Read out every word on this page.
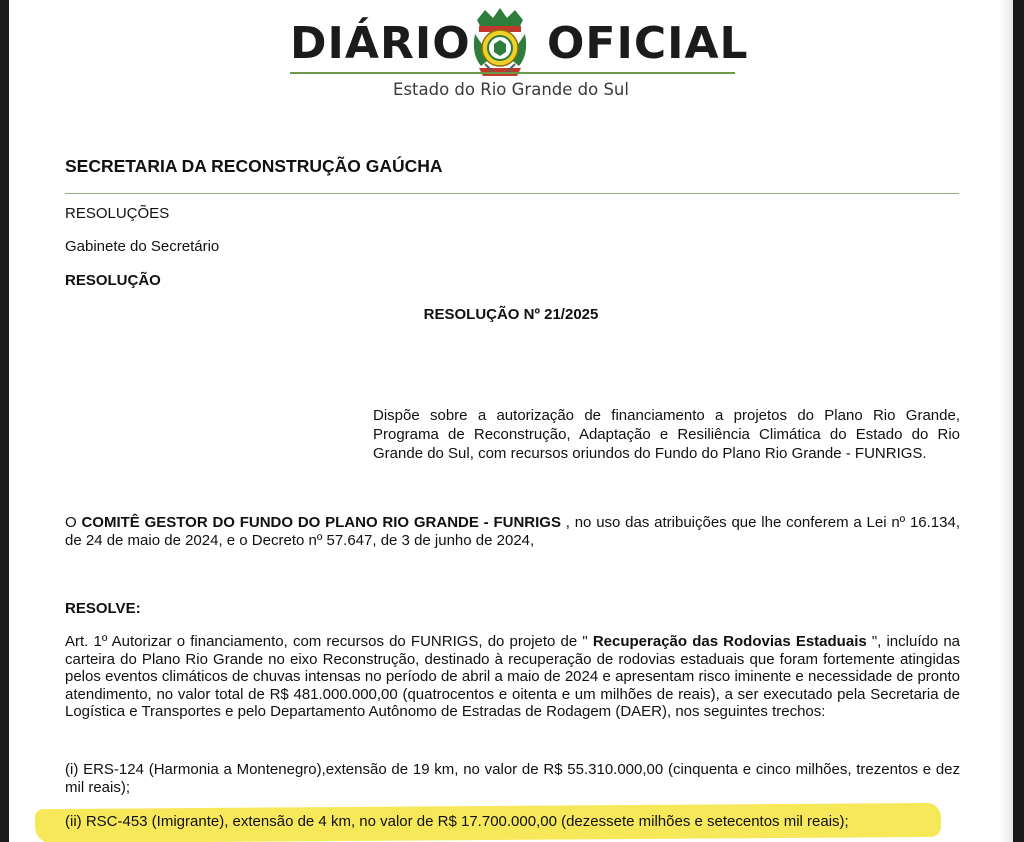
DIÁRIO OFICIAL
Estado do Rio Grande do Sul
SECRETARIA DA RECONSTRUÇÃO GAÚCHA
RESOLUÇÕES
Gabinete do Secretário
RESOLUÇÃO
RESOLUÇÃO Nº 21/2025
Dispõe sobre a autorização de financiamento a projetos do Plano Rio Grande, Programa de Reconstrução, Adaptação e Resiliência Climática do Estado do Rio Grande do Sul, com recursos oriundos do Fundo do Plano Rio Grande - FUNRIGS.
O COMITÊ GESTOR DO FUNDO DO PLANO RIO GRANDE - FUNRIGS , no uso das atribuições que lhe conferem a Lei nº 16.134, de 24 de maio de 2024, e o Decreto nº 57.647, de 3 de junho de 2024,
RESOLVE:
Art. 1º Autorizar o financiamento, com recursos do FUNRIGS, do projeto de " Recuperação das Rodovias Estaduais ", incluído na carteira do Plano Rio Grande no eixo Reconstrução, destinado à recuperação de rodovias estaduais que foram fortemente atingidas pelos eventos climáticos de chuvas intensas no período de abril a maio de 2024 e apresentam risco iminente e necessidade de pronto atendimento, no valor total de R$ 481.000.000,00 (quatrocentos e oitenta e um milhões de reais), a ser executado pela Secretaria de Logística e Transportes e pelo Departamento Autônomo de Estradas de Rodagem (DAER), nos seguintes trechos:
(i) ERS-124 (Harmonia a Montenegro),extensão de 19 km, no valor de R$ 55.310.000,00 (cinquenta e cinco milhões, trezentos e dez mil reais);
(ii) RSC-453 (Imigrante), extensão de 4 km, no valor de R$ 17.700.000,00 (dezessete milhões e setecentos mil reais);
